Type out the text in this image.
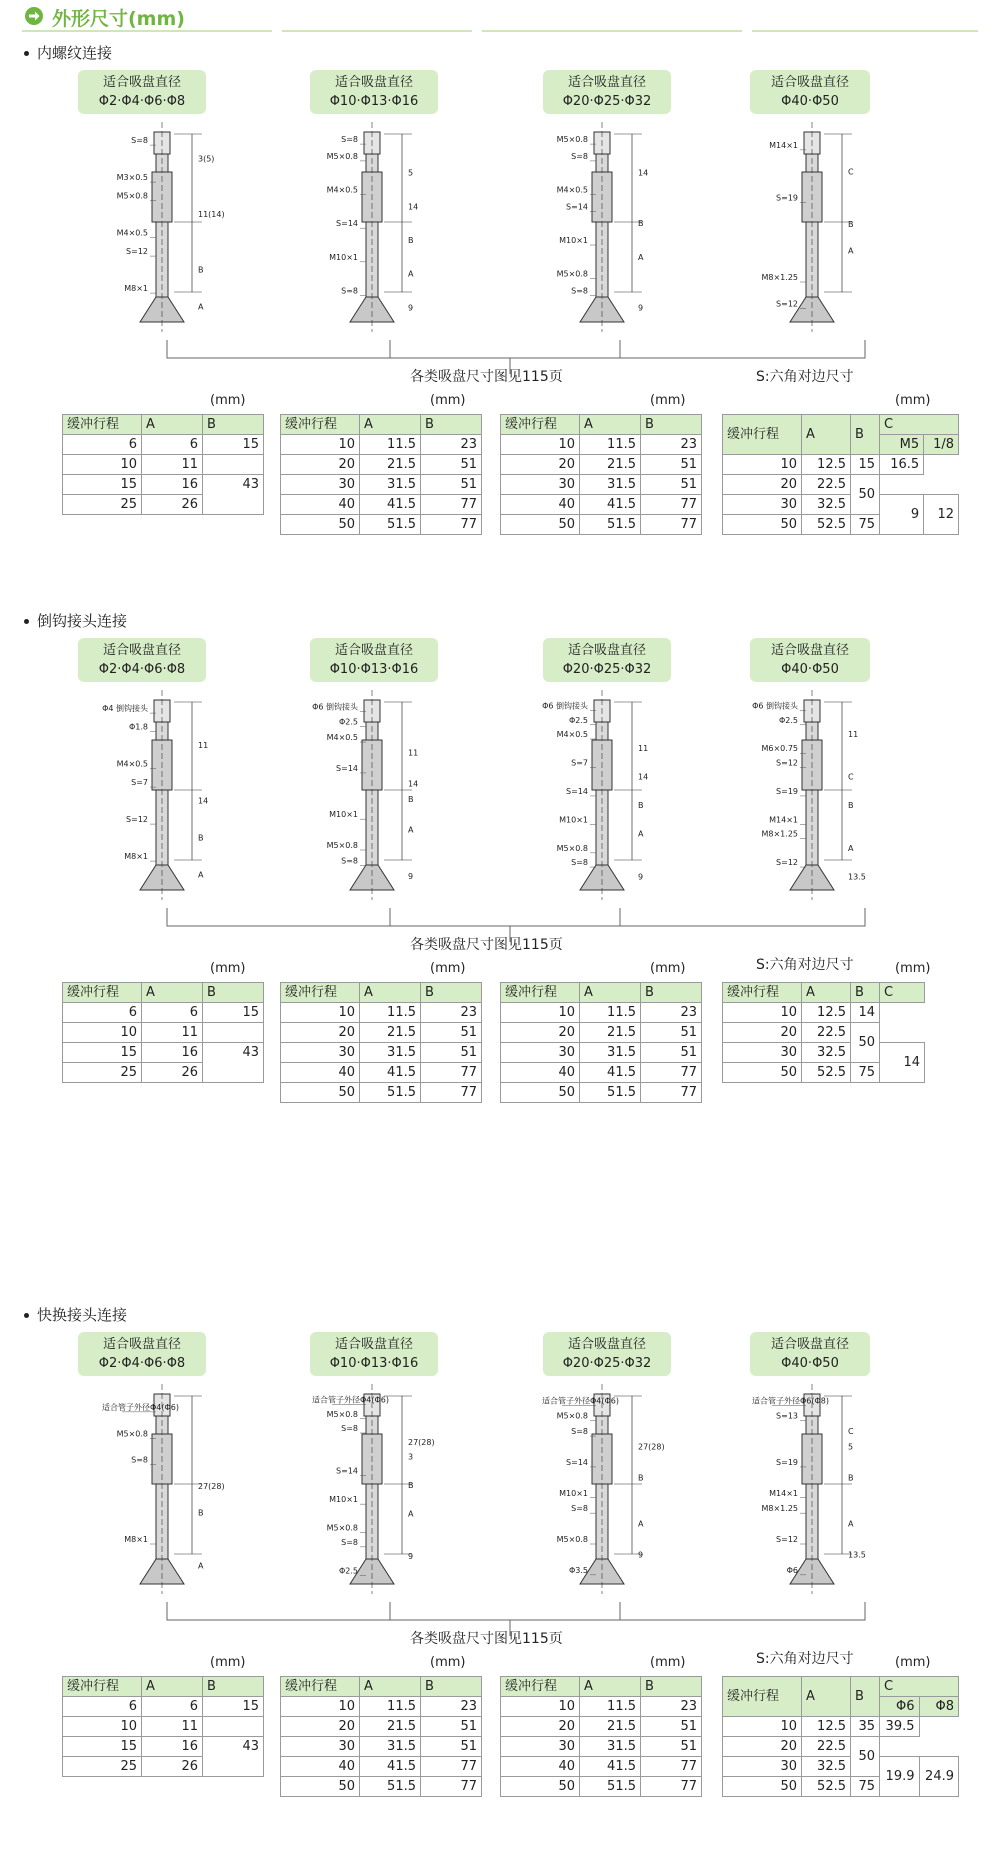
外形尺寸(mm)
内螺纹连接
适合吸盘直径
Φ2·Φ4·Φ6·Φ8
适合吸盘直径
Φ10·Φ13·Φ16
适合吸盘直径
Φ20·Φ25·Φ32
适合吸盘直径
Φ40·Φ50
S=8
3(5)
M3×0.5
M5×0.8
11(14)
M4×0.5
S=12
B
M8×1
A
S=8
M5×0.8
5
M4×0.5
14
S=14
B
M10×1
A
S=8
9
M5×0.8
S=8
14
M4×0.5
S=14
B
M10×1
A
M5×0.8
S=8
9
M14×1
C
S=19
B
A
M8×1.25
S=12
各类吸盘尺寸图见115页	S:六角对边尺寸
(mm)	(mm)	(mm)	(mm)
缓冲行程	A	B
6	6	15
10	11	
15	16	43
25	26	
缓冲行程	A	B
10	11.5	23
20	21.5	51
30	31.5	51
40	41.5	77
50	51.5	77
缓冲行程	A	B
10	11.5	23
20	21.5	51
30	31.5	51
40	41.5	77
50	51.5	77
缓冲行程	A	B	C	
			M5	1/8
10	12.5	15	16.5	
20	22.5	50		
30	32.5		9	12
50	52.5	75		
倒钩接头连接
适合吸盘直径
Φ2·Φ4·Φ6·Φ8
适合吸盘直径
Φ10·Φ13·Φ16
适合吸盘直径
Φ20·Φ25·Φ32
适合吸盘直径
Φ40·Φ50
Φ4 倒钩接头
Φ1.8
11
M4×0.5
S=7
14
S=12
B
M8×1
A
Φ6 倒钩接头
Φ2.5
M4×0.5
11
S=14
14
B
M10×1
A
M5×0.8
S=8
9
Φ6 倒钩接头
Φ2.5
M4×0.5
11
S=7
14
S=14
B
M10×1
A
M5×0.8
S=8
9
Φ6 倒钩接头
Φ2.5
11
M6×0.75
S=12
C
S=19
B
M14×1
M8×1.25
A
S=12
13.5
各类吸盘尺寸图见115页
S:六角对边尺寸
(mm)	(mm)	(mm)	(mm)
缓冲行程	A	B
6	6	15
10	11	
15	16	43
25	26	
缓冲行程	A	B
10	11.5	23
20	21.5	51
30	31.5	51
40	41.5	77
50	51.5	77
缓冲行程	A	B
10	11.5	23
20	21.5	51
30	31.5	51
40	41.5	77
50	51.5	77
缓冲行程	A	B	C
10	12.5	14	
20	22.5	50	
30	32.5		14
50	52.5	75	
快换接头连接
适合吸盘直径
Φ2·Φ4·Φ6·Φ8
适合吸盘直径
Φ10·Φ13·Φ16
适合吸盘直径
Φ20·Φ25·Φ32
适合吸盘直径
Φ40·Φ50
适合管子外径Φ4(Φ6)
M5×0.8
S=8
27(28)
B
M8×1
A
适合管子外径Φ4(Φ6)
M5×0.8
S=8
27(28)
3
S=14
B
M10×1
A
M5×0.8
S=8
9
Φ2.5
适合管子外径Φ4(Φ6)
M5×0.8
S=8
27(28)
S=14
B
M10×1
S=8
A
M5×0.8
9
Φ3.5
适合管子外径Φ6(Φ8)
S=13
C
5
S=19
B
M14×1
M8×1.25
A
S=12
13.5
Φ6
各类吸盘尺寸图见115页
S:六角对边尺寸
(mm)	(mm)	(mm)	(mm)
缓冲行程	A	B
6	6	15
10	11	
15	16	43
25	26	
缓冲行程	A	B
10	11.5	23
20	21.5	51
30	31.5	51
40	41.5	77
50	51.5	77
缓冲行程	A	B
10	11.5	23
20	21.5	51
30	31.5	51
40	41.5	77
50	51.5	77
缓冲行程	A	B	C	
			Φ6	Φ8
10	12.5	35	39.5	
20	22.5	50		
30	32.5		19.9	24.9
50	52.5	75		
